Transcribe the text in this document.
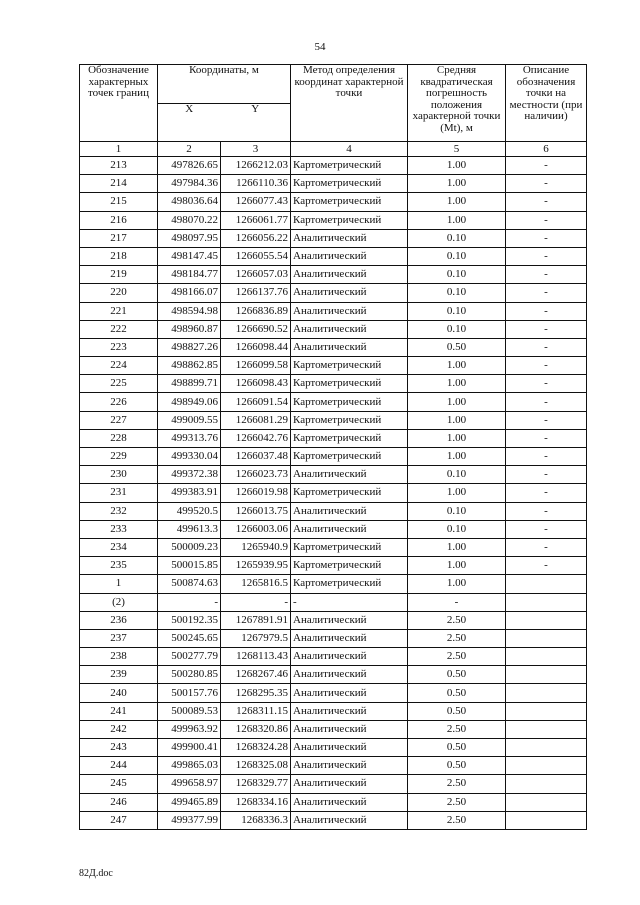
54
Обозначение характерных точек границ	Координаты, м		Метод определения координат характерной точки	Средняя квадратическая погрешность положения характерной точки (Mt), м	Описание обозначения точки на местности (при наличии)
	X	Y			
1	2	3	4	5	6
213	497826.65	1266212.03	Картометрический	1.00	-
214	497984.36	1266110.36	Картометрический	1.00	-
215	498036.64	1266077.43	Картометрический	1.00	-
216	498070.22	1266061.77	Картометрический	1.00	-
217	498097.95	1266056.22	Аналитический	0.10	-
218	498147.45	1266055.54	Аналитический	0.10	-
219	498184.77	1266057.03	Аналитический	0.10	-
220	498166.07	1266137.76	Аналитический	0.10	-
221	498594.98	1266836.89	Аналитический	0.10	-
222	498960.87	1266690.52	Аналитический	0.10	-
223	498827.26	1266098.44	Аналитический	0.50	-
224	498862.85	1266099.58	Картометрический	1.00	-
225	498899.71	1266098.43	Картометрический	1.00	-
226	498949.06	1266091.54	Картометрический	1.00	-
227	499009.55	1266081.29	Картометрический	1.00	-
228	499313.76	1266042.76	Картометрический	1.00	-
229	499330.04	1266037.48	Картометрический	1.00	-
230	499372.38	1266023.73	Аналитический	0.10	-
231	499383.91	1266019.98	Картометрический	1.00	-
232	499520.5	1266013.75	Аналитический	0.10	-
233	499613.3	1266003.06	Аналитический	0.10	-
234	500009.23	1265940.9	Картометрический	1.00	-
235	500015.85	1265939.95	Картометрический	1.00	-
1	500874.63	1265816.5	Картометрический	1.00	
(2)	-	-	-	-	
236	500192.35	1267891.91	Аналитический	2.50	
237	500245.65	1267979.5	Аналитический	2.50	
238	500277.79	1268113.43	Аналитический	2.50	
239	500280.85	1268267.46	Аналитический	0.50	
240	500157.76	1268295.35	Аналитический	0.50	
241	500089.53	1268311.15	Аналитический	0.50	
242	499963.92	1268320.86	Аналитический	2.50	
243	499900.41	1268324.28	Аналитический	0.50	
244	499865.03	1268325.08	Аналитический	0.50	
245	499658.97	1268329.77	Аналитический	2.50	
246	499465.89	1268334.16	Аналитический	2.50	
247	499377.99	1268336.3	Аналитический	2.50	
82Д.doc
